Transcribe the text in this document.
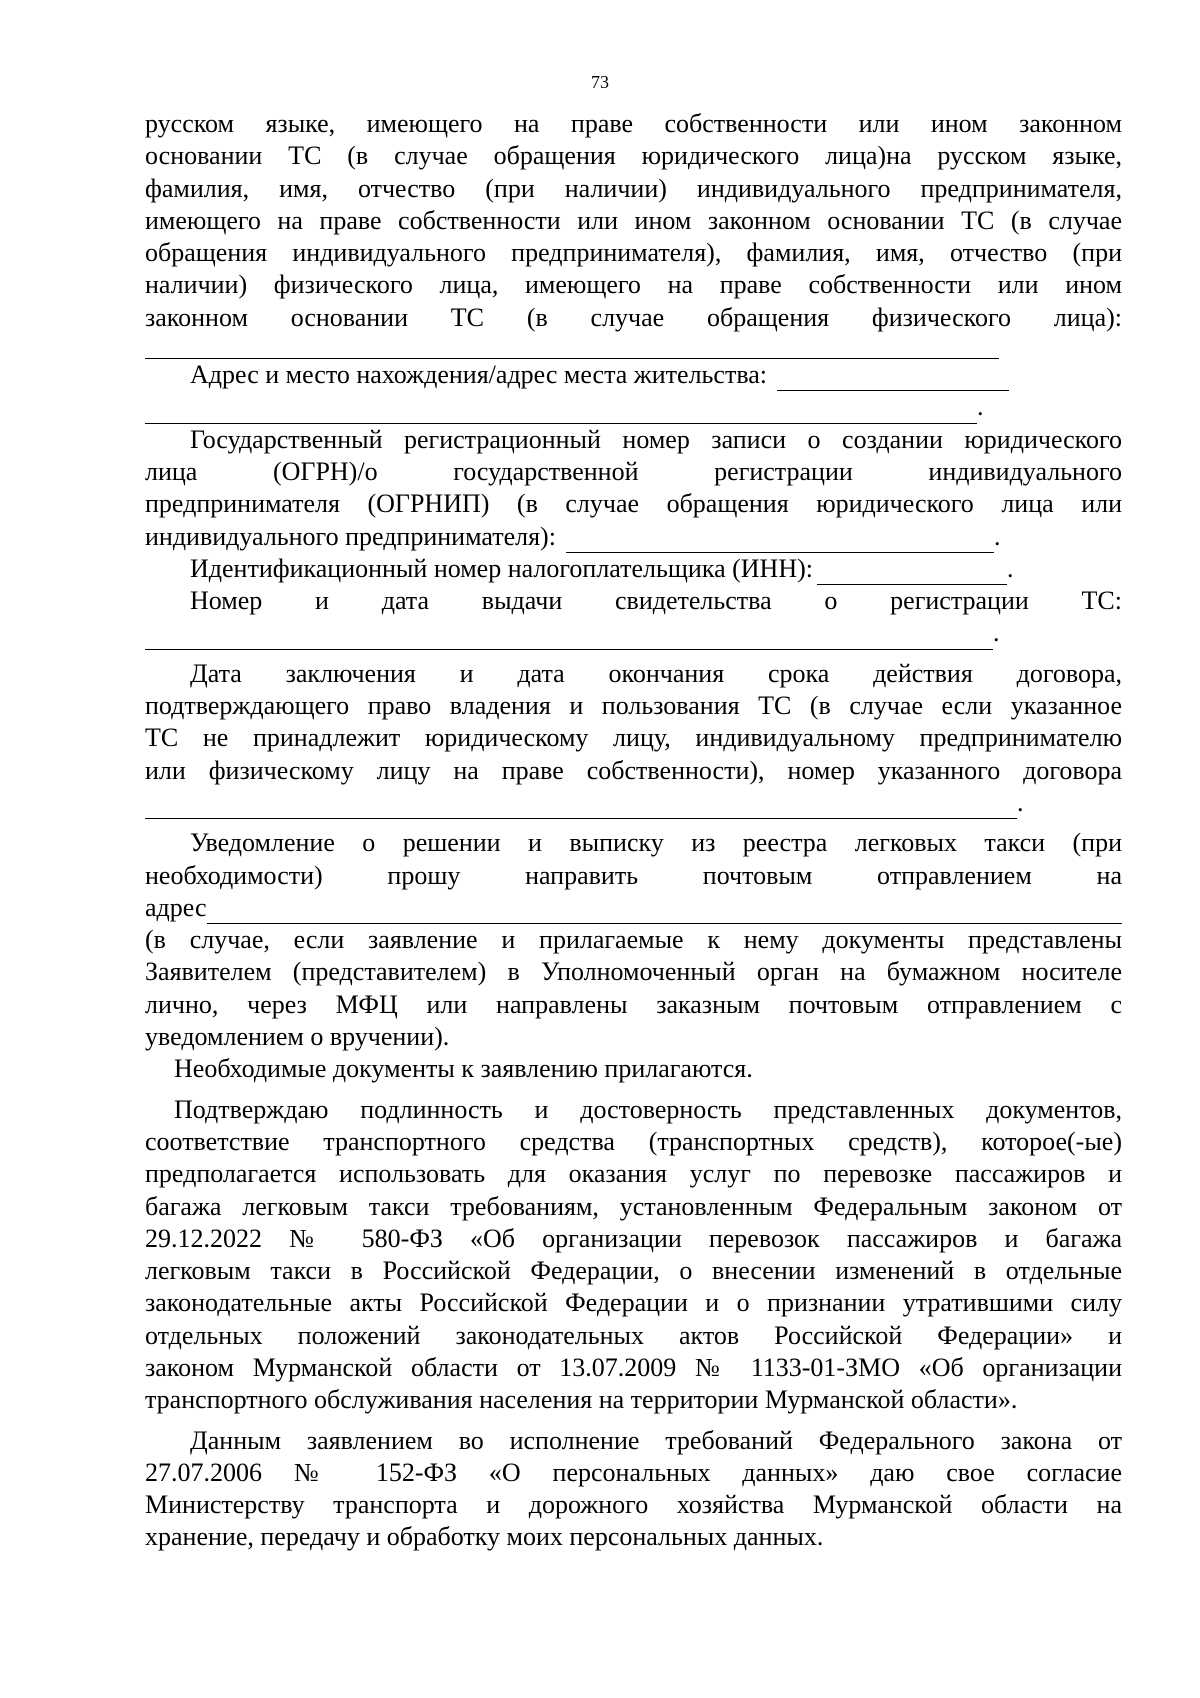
73

русском языке, имеющего на праве собственности или ином законном

основании ТС (в случае обращения юридического лица)на русском языке,

фамилия, имя, отчество (при наличии) индивидуального предпринимателя,

имеющего на праве собственности или ином законном основании ТС (в случае

обращения индивидуального предпринимателя), фамилия, имя, отчество (при

наличии) физического лица, имеющего на праве собственности или ином

законном основании ТС (в случае обращения физического лица):

Адрес и место нахождения/адрес места жительства:
.

Государственный регистрационный номер записи о создании юридического

лица (ОГРН)/о государственной регистрации индивидуального

предпринимателя (ОГРНИП) (в случае обращения юридического лица или

индивидуального предпринимателя):	.
Идентификационный номер налогоплательщика (ИНН):	.

Номер и дата выдачи свидетельства о регистрации ТС:

.

Дата заключения и дата окончания срока действия договора,

подтверждающего право владения и пользования ТС (в случае если указанное

ТС не принадлежит юридическому лицу, индивидуальному предпринимателю

или физическому лицу на праве собственности), номер указанного договора

.

Уведомление о решении и выписку из реестра легковых такси (при

необходимости) прошу направить почтовым отправлением на

адрес

(в случае, если заявление и прилагаемые к нему документы представлены

Заявителем (представителем) в Уполномоченный орган на бумажном носителе

лично, через МФЦ или направлены заказным почтовым отправлением с

уведомлением о вручении).

Необходимые документы к заявлению прилагаются.

Подтверждаю подлинность и достоверность представленных документов,

соответствие транспортного средства (транспортных средств), которое(-ые)

предполагается использовать для оказания услуг по перевозке пассажиров и

багажа легковым такси требованиям, установленным Федеральным законом от

29.12.2022 № 580-ФЗ «Об организации перевозок пассажиров и багажа

легковым такси в Российской Федерации, о внесении изменений в отдельные

законодательные акты Российской Федерации и о признании утратившими силу

отдельных положений законодательных актов Российской Федерации» и

законом Мурманской области от 13.07.2009 № 1133-01-ЗМО «Об организации

транспортного обслуживания населения на территории Мурманской области».

Данным заявлением во исполнение требований Федерального закона от

27.07.2006 № 152-ФЗ «О персональных данных» даю свое согласие

Министерству транспорта и дорожного хозяйства Мурманской области на

хранение, передачу и обработку моих персональных данных.
